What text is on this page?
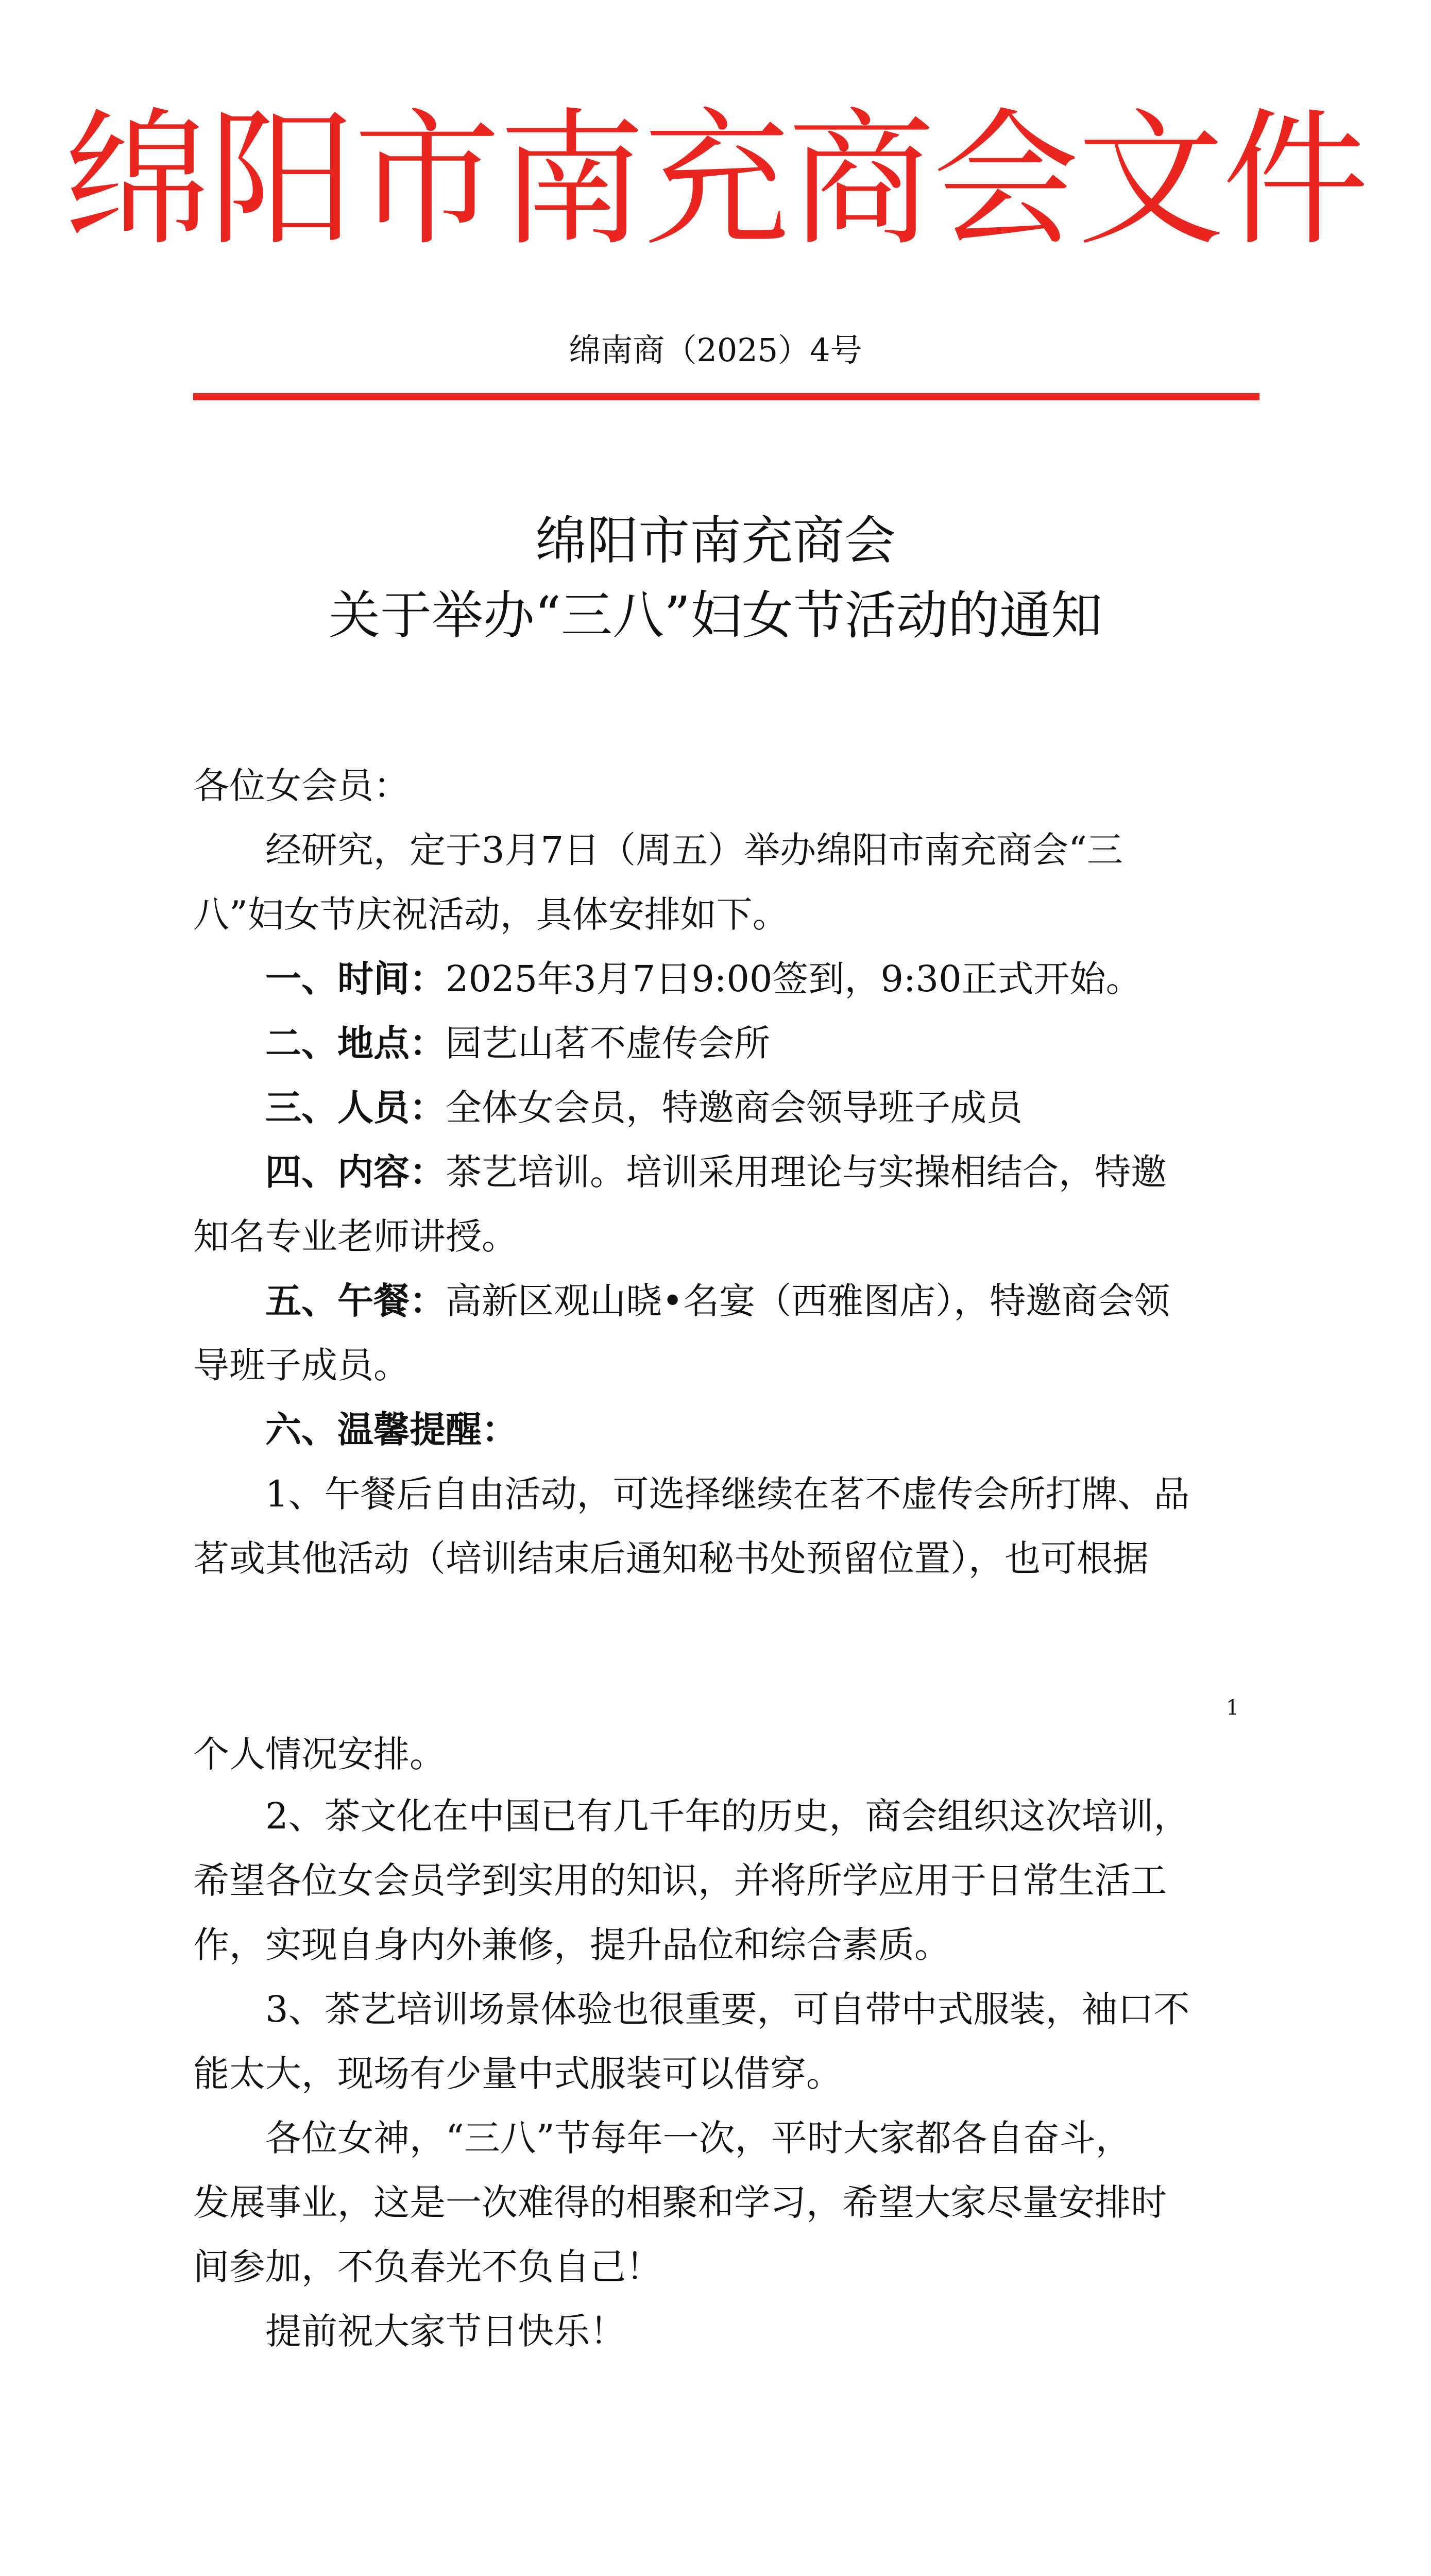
绵阳市南充商会文件
绵南商（2025）4号
绵阳市南充商会
关于举办“三八”妇女节活动的通知
各位女会员：
经研究，定于3月7日（周五）举办绵阳市南充商会“三
八”妇女节庆祝活动，具体安排如下。
一、时间：2025年3月7日9:00签到，9:30正式开始。
二、地点：园艺山茗不虚传会所
三、人员：全体女会员，特邀商会领导班子成员
四、内容：茶艺培训。培训采用理论与实操相结合，特邀
知名专业老师讲授。
五、午餐：高新区观山晓•名宴（西雅图店），特邀商会领
导班子成员。
六、温馨提醒：
1、午餐后自由活动，可选择继续在茗不虚传会所打牌、品
茗或其他活动（培训结束后通知秘书处预留位置），也可根据
1
个人情况安排。
2、茶文化在中国已有几千年的历史，商会组织这次培训，
希望各位女会员学到实用的知识，并将所学应用于日常生活工
作，实现自身内外兼修，提升品位和综合素质。
3、茶艺培训场景体验也很重要，可自带中式服装，袖口不
能太大，现场有少量中式服装可以借穿。
各位女神，“三八”节每年一次，平时大家都各自奋斗，
发展事业，这是一次难得的相聚和学习，希望大家尽量安排时
间参加，不负春光不负自己！
提前祝大家节日快乐！
